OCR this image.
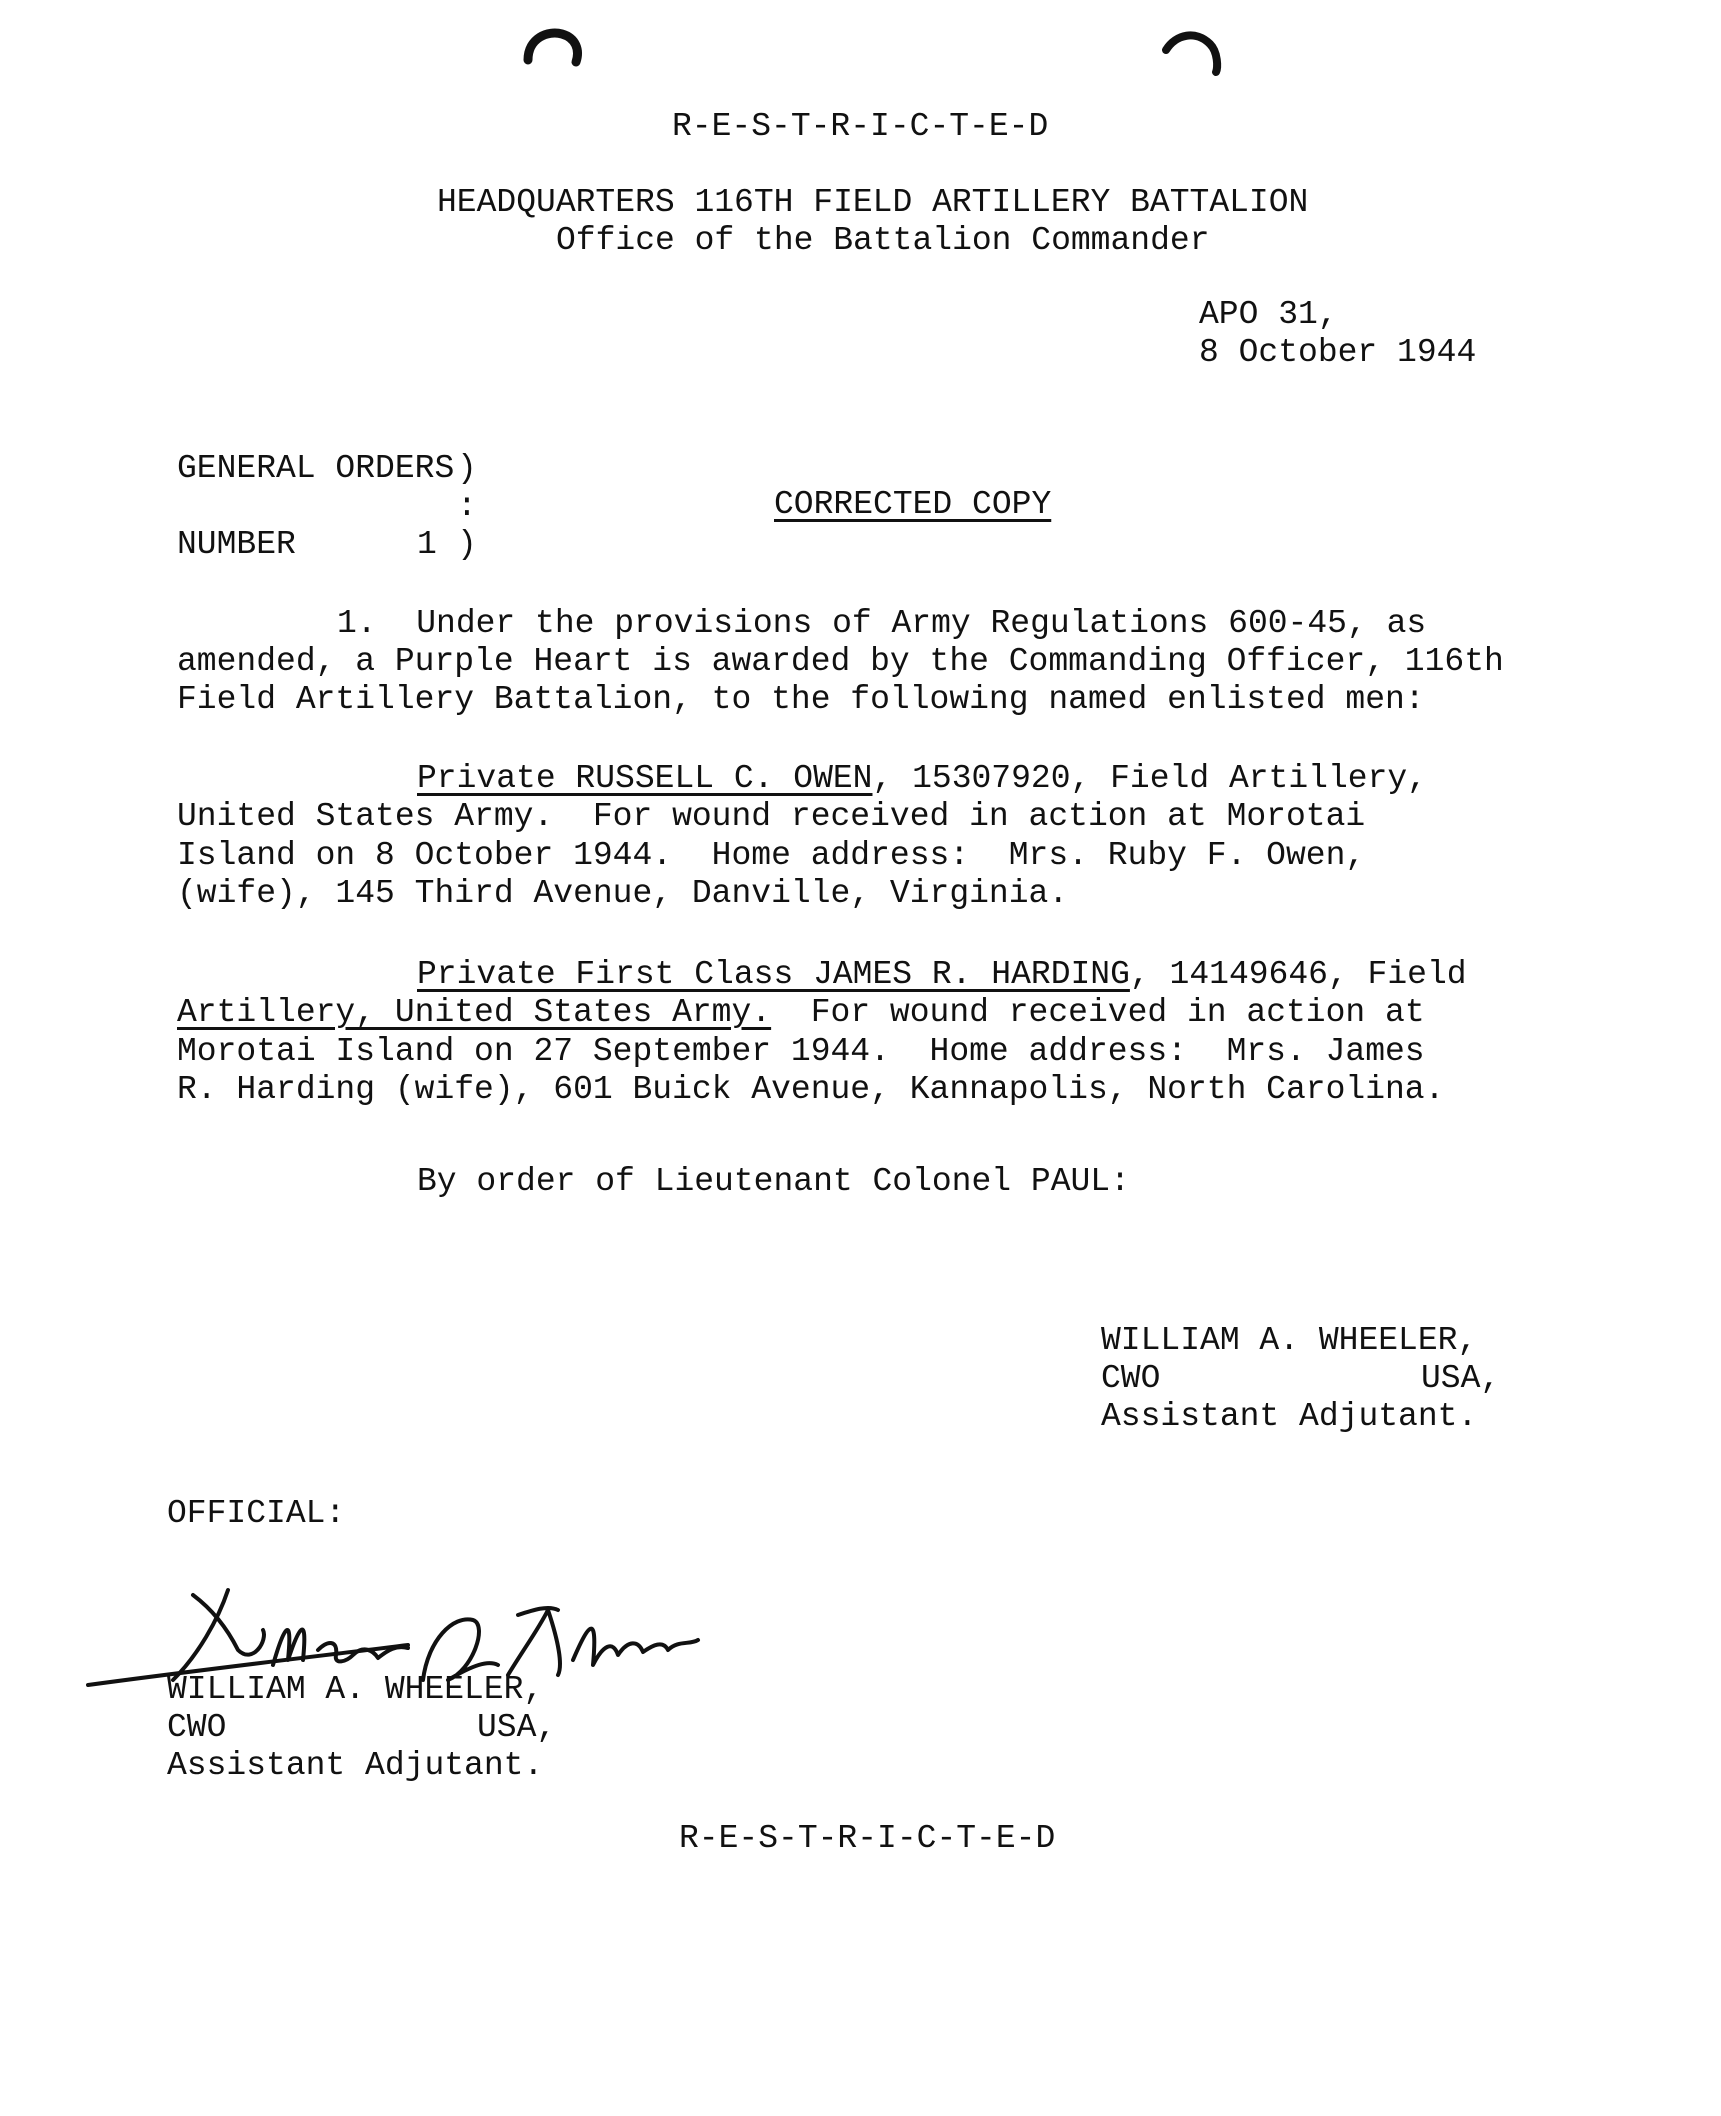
R-E-S-T-R-I-C-T-E-D
HEADQUARTERS 116TH FIELD ARTILLERY BATTALION
Office of the Battalion Commander
APO 31,
8 October 1944
GENERAL ORDERS )
:
NUMBER	1 )
CORRECTED COPY
1.  Under the provisions of Army Regulations 600-45, as
amended, a Purple Heart is awarded by the Commanding Officer, 116th
Field Artillery Battalion, to the following named enlisted men:
Private RUSSELL C. OWEN, 15307920, Field Artillery,
United States Army.  For wound received in action at Morotai
Island on 8 October 1944.  Home address:  Mrs. Ruby F. Owen,
(wife), 145 Third Avenue, Danville, Virginia.
Private First Class JAMES R. HARDING, 14149646, Field
Artillery, United States Army.  For wound received in action at
Morotai Island on 27 September 1944.  Home address:  Mrs. James
R. Harding (wife), 601 Buick Avenue, Kannapolis, North Carolina.
By order of Lieutenant Colonel PAUL:
WILLIAM A. WHEELER,
CWO	USA,
Assistant Adjutant.
OFFICIAL:
WILLIAM A. WHEELER,
CWO	USA,
Assistant Adjutant.
R-E-S-T-R-I-C-T-E-D
